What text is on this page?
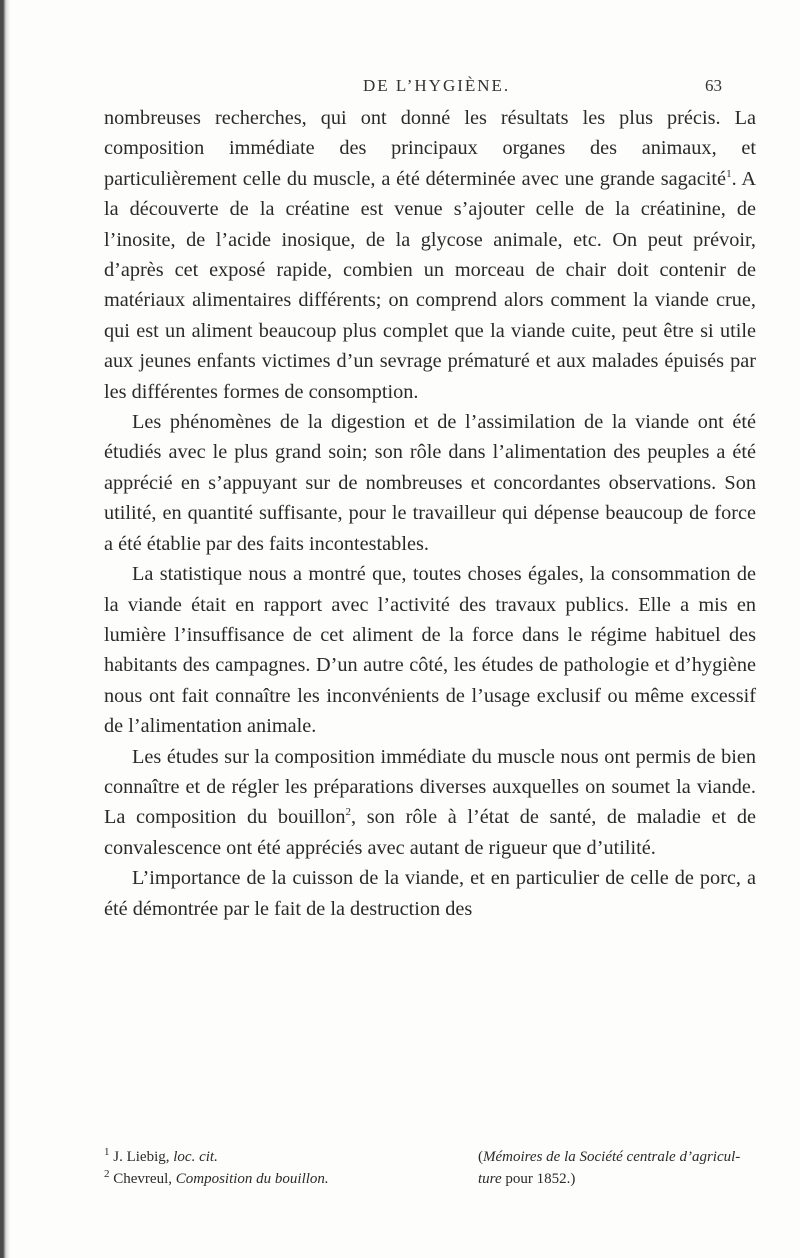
DE L’HYGIÈNE.	63

nombreuses recherches, qui ont donné les résultats les plus précis. La composition immédiate des principaux organes des animaux, et particulièrement celle du muscle, a été déterminée avec une grande sagacité$^1$. A la découverte de la créatine est venue s’ajouter celle de la créatinine, de l’inosite, de l’acide inosique, de la glycose animale, etc. On peut prévoir, d’après cet exposé rapide, combien un morceau de chair doit contenir de matériaux alimentaires différents; on comprend alors comment la viande crue, qui est un aliment beaucoup plus complet que la viande cuite, peut être si utile aux jeunes enfants victimes d’un sevrage prématuré et aux malades épuisés par les différentes formes de consomption.

Les phénomènes de la digestion et de l’assimilation de la viande ont été étudiés avec le plus grand soin; son rôle dans l’alimentation des peuples a été apprécié en s’appuyant sur de nombreuses et concordantes observations. Son utilité, en quantité suffisante, pour le travailleur qui dépense beaucoup de force a été établie par des faits incontestables.

La statistique nous a montré que, toutes choses égales, la consommation de la viande était en rapport avec l’activité des travaux publics. Elle a mis en lumière l’insuffisance de cet aliment de la force dans le régime habituel des habitants des campagnes. D’un autre côté, les études de pathologie et d’hygiène nous ont fait connaître les inconvénients de l’usage exclusif ou même excessif de l’alimentation animale.

Les études sur la composition immédiate du muscle nous ont permis de bien connaître et de régler les préparations diverses auxquelles on soumet la viande. La composition du bouillon$^2$, son rôle à l’état de santé, de maladie et de convalescence ont été appréciés avec autant de rigueur que d’utilité.

L’importance de la cuisson de la viande, et en particulier de celle de porc, a été démontrée par le fait de la destruction des

$^1$ J. Liebig, loc. cit.	(Mémoires de la Société centrale d’agricul-
$^2$ Chevreul, Composition du bouillon.	ture pour 1852.)
